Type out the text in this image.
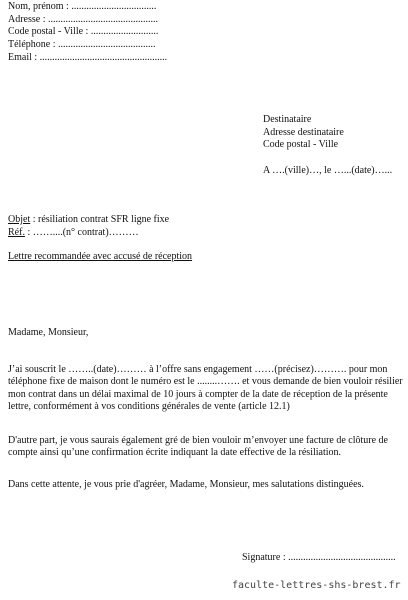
Nom, prénom : ..................................
Adresse : ............................................
Code postal - Ville : ...........................
Téléphone : .......................................
Email : ...................................................
Destinataire
Adresse destinataire
Code postal - Ville
A ….(ville)…, le …...(date)…...
Objet : résiliation contrat SFR ligne fixe
Réf. : ……....(n° contrat)………
Lettre recommandée avec accusé de réception
Madame, Monsieur,
J’ai souscrit le ……..(date)……… à l’offre sans engagement ……(précisez)………. pour mon téléphone fixe de maison dont le numéro est le ........……. et vous demande de bien vouloir résilier mon contrat dans un délai maximal de 10 jours à compter de la date de réception de la présente lettre, conformément à vos conditions générales de vente (article 12.1)
D'autre part, je vous saurais également gré de bien vouloir m’envoyer une facture de clôture de compte ainsi qu’une confirmation écrite indiquant la date effective de la résiliation.
Dans cette attente, je vous prie d'agréer, Madame, Monsieur, mes salutations distinguées.
Signature : ...........................................
faculte-lettres-shs-brest.fr
